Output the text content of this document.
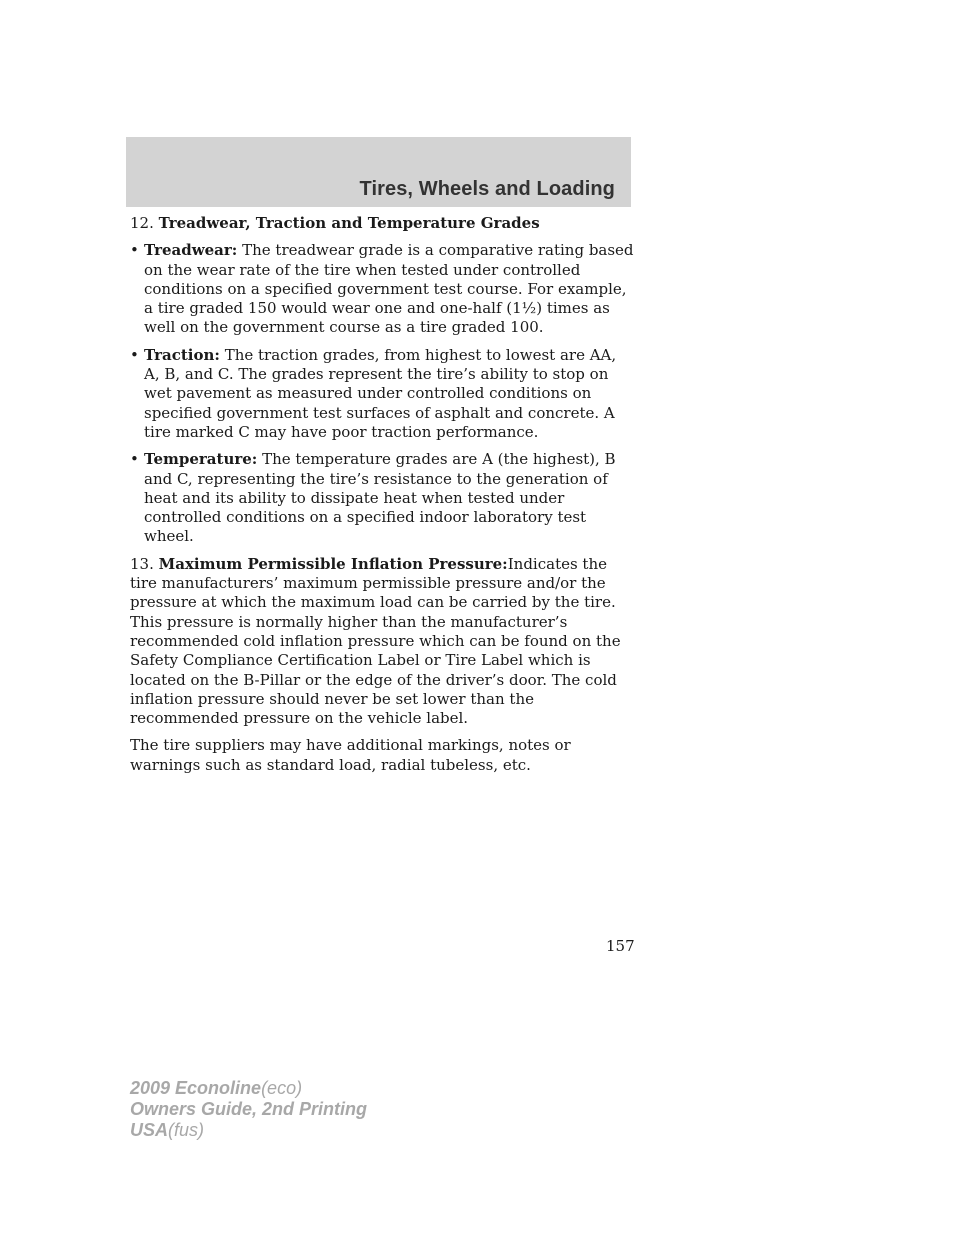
Tires, Wheels and Loading

12. Treadwear, Traction and Temperature Grades

• Treadwear: The treadwear grade is a comparative rating based on the wear rate of the tire when tested under controlled conditions on a specified government test course. For example, a tire graded 150 would wear one and one-half (1½) times as well on the government course as a tire graded 100.
• Traction: The traction grades, from highest to lowest are AA, A, B, and C. The grades represent the tire’s ability to stop on wet pavement as measured under controlled conditions on specified government test surfaces of asphalt and concrete. A tire marked C may have poor traction performance.
• Temperature: The temperature grades are A (the highest), B and C, representing the tire’s resistance to the generation of heat and its ability to dissipate heat when tested under controlled conditions on a specified indoor laboratory test wheel.

13. Maximum Permissible Inflation Pressure:Indicates the tire manufacturers’ maximum permissible pressure and/or the pressure at which the maximum load can be carried by the tire. This pressure is normally higher than the manufacturer’s recommended cold inflation pressure which can be found on the Safety Compliance Certification Label or Tire Label which is located on the B-Pillar or the edge of the driver’s door. The cold inflation pressure should never be set lower than the recommended pressure on the vehicle label.

The tire suppliers may have additional markings, notes or warnings such as standard load, radial tubeless, etc.

157
2009 Econoline(eco)
Owners Guide, 2nd Printing
USA(fus)
